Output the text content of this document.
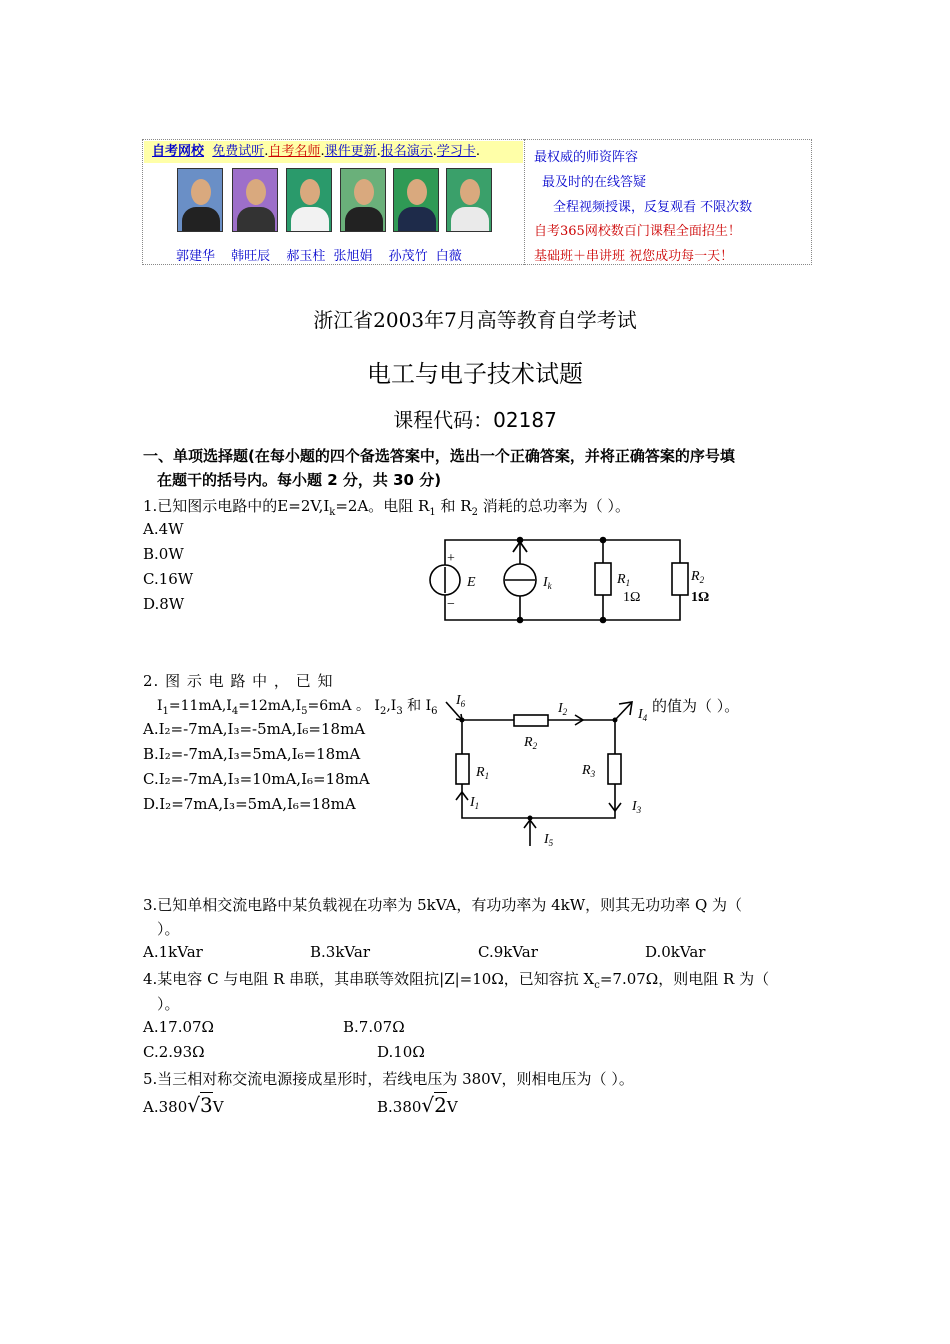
自考网校 免费试听.自考名师.课件更新.报名演示.学习卡.
郭建华 韩旺辰 郝玉柱 张旭娟 孙茂竹 白薇
最权威的师资阵容
最及时的在线答疑
全程视频授课，反复观看 不限次数
自考365网校数百门课程全面招生！
基础班＋串讲班 祝您成功每一天！
浙江省2003年7月高等教育自学考试
电工与电子技术试题
课程代码：02187
一、单项选择题(在每小题的四个备选答案中，选出一个正确答案，并将正确答案的序号填
在题干的括号内。每小题 2 分，共 30 分)
1.已知图示电路中的$E=2V,I_k=2A$。电阻 $R_1$ 和 $R_2$ 消耗的总功率为（ ）。
A.4W
B.0W
C.16W
D.8W
+
−
E	$I_k$	$R_1$
1Ω
$R_2$
1Ω
2. 图 示 电 路 中 ， 已 知
$I_1=11mA,I_4=12mA,I_5=6mA$ 。 $I_2,I_3$ 和 $I_6$	的值为（ ）。
A.I₂=-7mA,I₃=-5mA,I₆=18mA
B.I₂=-7mA,I₃=5mA,I₆=18mA
C.I₂=-7mA,I₃=10mA,I₆=18mA
D.I₂=7mA,I₃=5mA,I₆=18mA
$I_6$	$I_2$
$R_2$
$R_1$	$R_3$
$I_1$	$I_3$
$I_4$
$I_5$
3.已知单相交流电路中某负载视在功率为 5kVA，有功功率为 4kW，则其无功功率 Q 为（
）。
A.1kVar	B.3kVar	C.9kVar	D.0kVar
4.某电容 C 与电阻 R 串联，其串联等效阻抗|Z|=10Ω，已知容抗 $X_c=7.07\Omega$，则电阻 R 为（
）。
A.17.07Ω	B.7.07Ω
C.2.93Ω	D.10Ω
5.当三相对称交流电源接成星形时，若线电压为 380V，则相电压为（ ）。
A.380√3V	B.380√2V
